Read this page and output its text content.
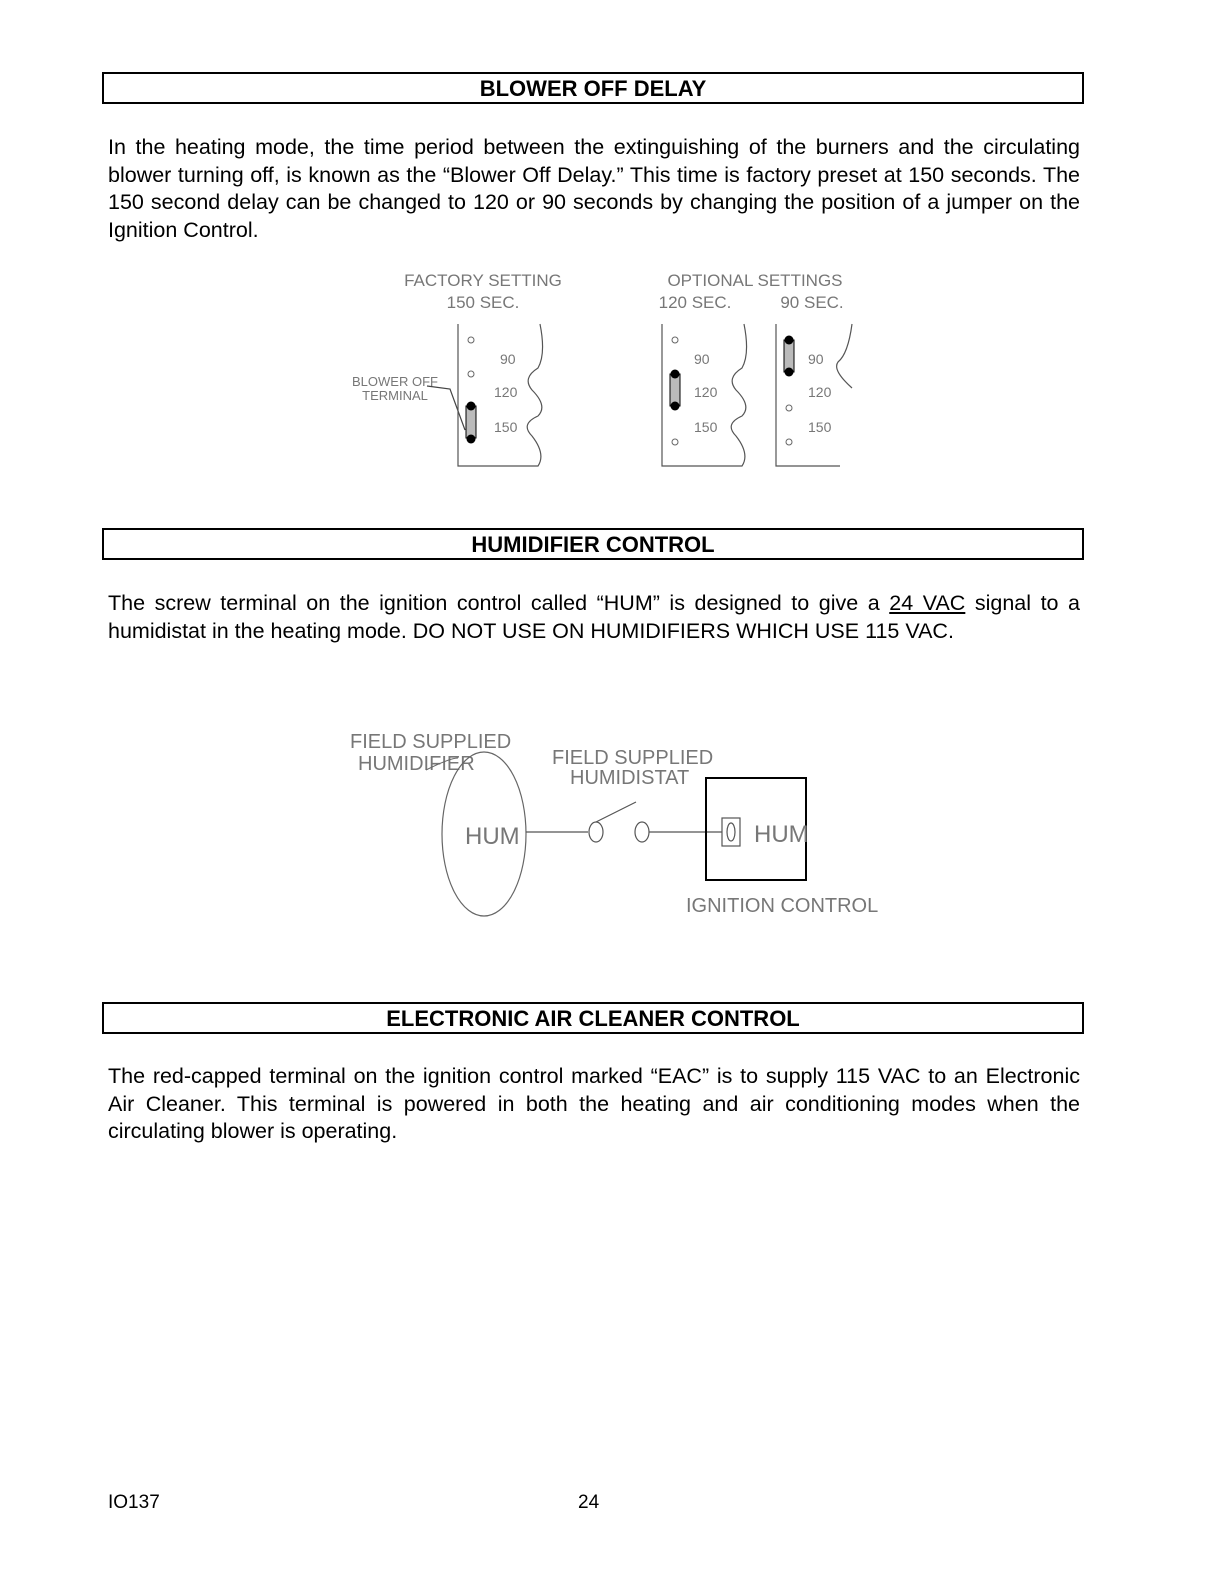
BLOWER OFF DELAY
In the heating mode, the time period between the extinguishing of the burners and the circulating blower turning off, is known as the “Blower Off Delay.” This time is factory preset at 150 seconds. The 150 second delay can be changed to 120 or 90 seconds by changing the position of a jumper on the Ignition Control.
FACTORY SETTING
150 SEC.
OPTIONAL SETTINGS
120 SEC.	90 SEC.
BLOWER OFF
TERMINAL
90
120
150
90
120
150
90
120
150
HUMIDIFIER CONTROL
The screw terminal on the ignition control called “HUM” is designed to give a 24 VAC signal to a humidistat in the heating mode. DO NOT USE ON HUMIDIFIERS WHICH USE 115 VAC.
FIELD SUPPLIED
HUMIDIFIER
HUM
FIELD SUPPLIED
HUMIDISTAT
HUM
IGNITION CONTROL
ELECTRONIC AIR CLEANER CONTROL
The red-capped terminal on the ignition control marked “EAC” is to supply 115 VAC to an Electronic Air Cleaner. This terminal is powered in both the heating and air conditioning modes when the circulating blower is operating.
IO137	24
